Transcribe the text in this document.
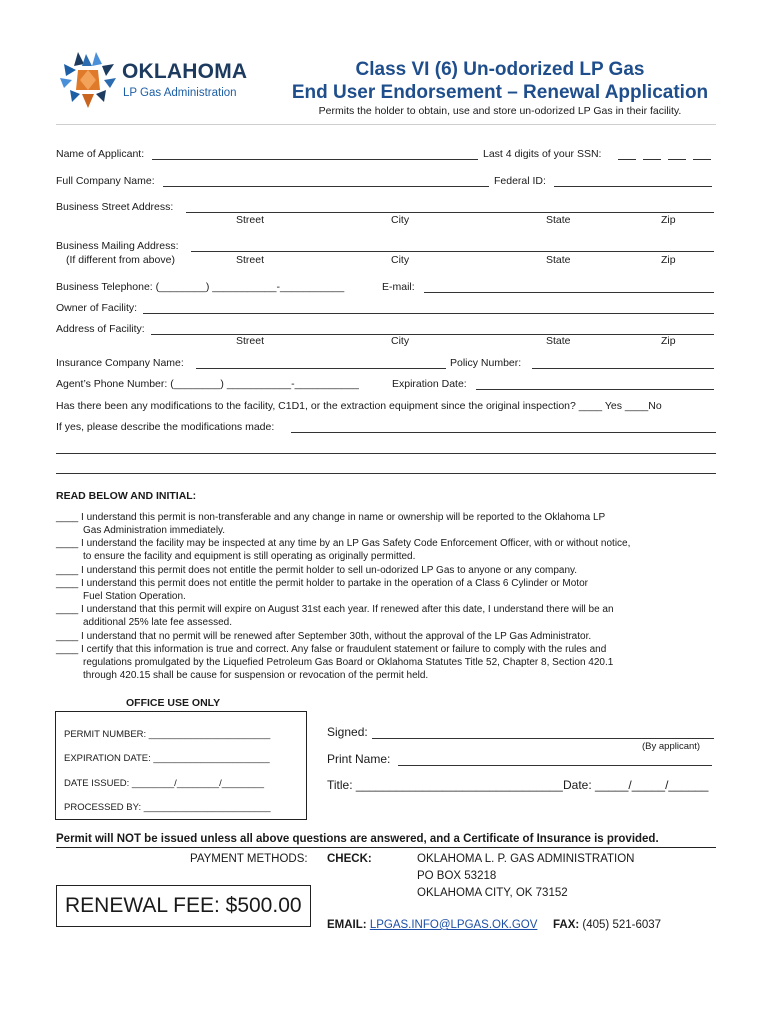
OKLAHOMA
LP Gas Administration
Class VI (6) Un-odorized LP Gas
End User Endorsement – Renewal Application
Permits the holder to obtain, use and store un-odorized LP Gas in their facility.
Name of Applicant:	Last 4 digits of your SSN:
Full Company Name:	Federal ID:
Business Street Address:
Street	City	State	Zip
Business Mailing Address:
(If different from above)	Street	City	State	Zip
Business Telephone: (________) ___________-___________	E-mail:
Owner of Facility:
Address of Facility:
Street	City	State	Zip
Insurance Company Name:	Policy Number:
Agent’s Phone Number: (________) ___________-___________	Expiration Date:
Has there been any modifications to the facility, C1D1, or the extraction equipment since the original inspection? ____ Yes ____No
If yes, please describe the modifications made:
READ BELOW AND INITIAL:
____ I understand this permit is non-transferable and any change in name or ownership will be reported to the Oklahoma LP
Gas Administration immediately.
____ I understand the facility may be inspected at any time by an LP Gas Safety Code Enforcement Officer, with or without notice,
to ensure the facility and equipment is still operating as originally permitted.
____ I understand this permit does not entitle the permit holder to sell un-odorized LP Gas to anyone or any company.
____ I understand this permit does not entitle the permit holder to partake in the operation of a Class 6 Cylinder or Motor
Fuel Station Operation.
____ I understand that this permit will expire on August 31st each year. If renewed after this date, I understand there will be an
additional 25% late fee assessed.
____ I understand that no permit will be renewed after September 30th, without the approval of the LP Gas Administrator.
____ I certify that this information is true and correct. Any false or fraudulent statement or failure to comply with the rules and
regulations promulgated by the Liquefied Petroleum Gas Board or Oklahoma Statutes Title 52, Chapter 8, Section 420.1
through 420.15 shall be cause for suspension or revocation of the permit held.
OFFICE USE ONLY
PERMIT NUMBER: _______________________
EXPIRATION DATE: ______________________
DATE ISSUED: ________/________/________
PROCESSED BY: ________________________
Signed:
(By applicant)
Print Name:
Title: _______________________________ Date: _____/_____/______
Permit will NOT be issued unless all above questions are answered, and a Certificate of Insurance is provided.
PAYMENT METHODS: CHECK:	OKLAHOMA L. P. GAS ADMINISTRATION
PO BOX 53218
OKLAHOMA CITY, OK 73152
RENEWAL FEE: $500.00
EMAIL: LPGAS.INFO@LPGAS.OK.GOV FAX: (405) 521-6037
